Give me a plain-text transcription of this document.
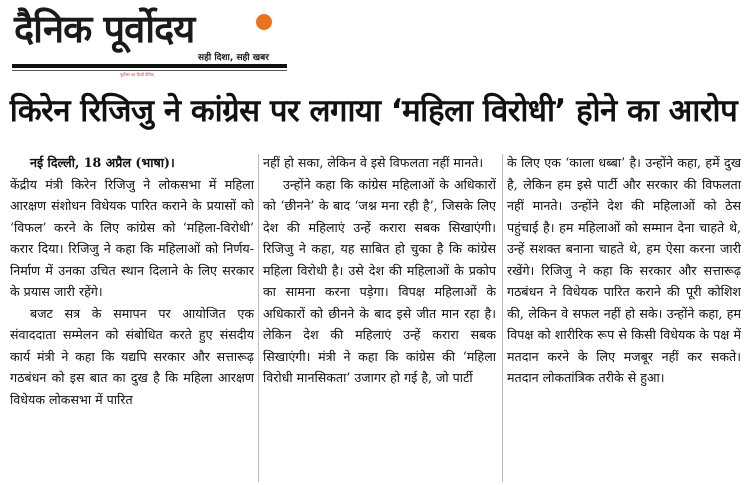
दैनिक पूर्वोदय
सही दिशा, सही खबर
पूर्वोत्तर का हिन्दी दैनिक
किरेन रिजिजु ने कांग्रेस पर लगाया ‘महिला विरोधी’ होने का आरोप

नई दिल्ली, 18 अप्रैल (भाषा)।

केंद्रीय मंत्री किरेन रिजिजु ने लोकसभा में महिला आरक्षण संशोधन विधेयक पारित कराने के प्रयासों को ‘विफल’ करने के लिए कांग्रेस को ‘महिला-विरोधी’ करार दिया। रिजिजु ने कहा कि महिलाओं को निर्णय-निर्माण में उनका उचित स्थान दिलाने के लिए सरकार के प्रयास जारी रहेंगे।

बजट सत्र के समापन पर आयोजित एक संवाददाता सम्मेलन को संबोधित करते हुए संसदीय कार्य मंत्री ने कहा कि यद्यपि सरकार और सत्तारूढ़ गठबंधन को इस बात का दुख है कि महिला आरक्षण विधेयक लोकसभा में पारित

नहीं हो सका, लेकिन वे इसे विफलता नहीं मानते।

उन्होंने कहा कि कांग्रेस महिलाओं के अधिकारों को ‘छीनने’ के बाद ‘जश्न मना रही है’, जिसके लिए देश की महिलाएं उन्हें करारा सबक सिखाएंगी। रिजिजु ने कहा, यह साबित हो चुका है कि कांग्रेस महिला विरोधी है। उसे देश की महिलाओं के प्रकोप का सामना करना पड़ेगा। विपक्ष महिलाओं के अधिकारों को छीनने के बाद इसे जीत मान रहा है। लेकिन देश की महिलाएं उन्हें करारा सबक सिखाएंगी। मंत्री ने कहा कि कांग्रेस की ‘महिला विरोधी मानसिकता’ उजागर हो गई है, जो पार्टी

के लिए एक ‘काला धब्बा’ है। उन्होंने कहा, हमें दुख है, लेकिन हम इसे पार्टी और सरकार की विफलता नहीं मानते। उन्होंने देश की महिलाओं को ठेस पहुंचाई है। हम महिलाओं को सम्मान देना चाहते थे, उन्हें सशक्त बनाना चाहते थे, हम ऐसा करना जारी रखेंगे। रिजिजु ने कहा कि सरकार और सत्तारूढ़ गठबंधन ने विधेयक पारित कराने की पूरी कोशिश की, लेकिन वे सफल नहीं हो सके। उन्होंने कहा, हम विपक्ष को शारीरिक रूप से किसी विधेयक के पक्ष में मतदान करने के लिए मजबूर नहीं कर सकते। मतदान लोकतांत्रिक तरीके से हुआ।
